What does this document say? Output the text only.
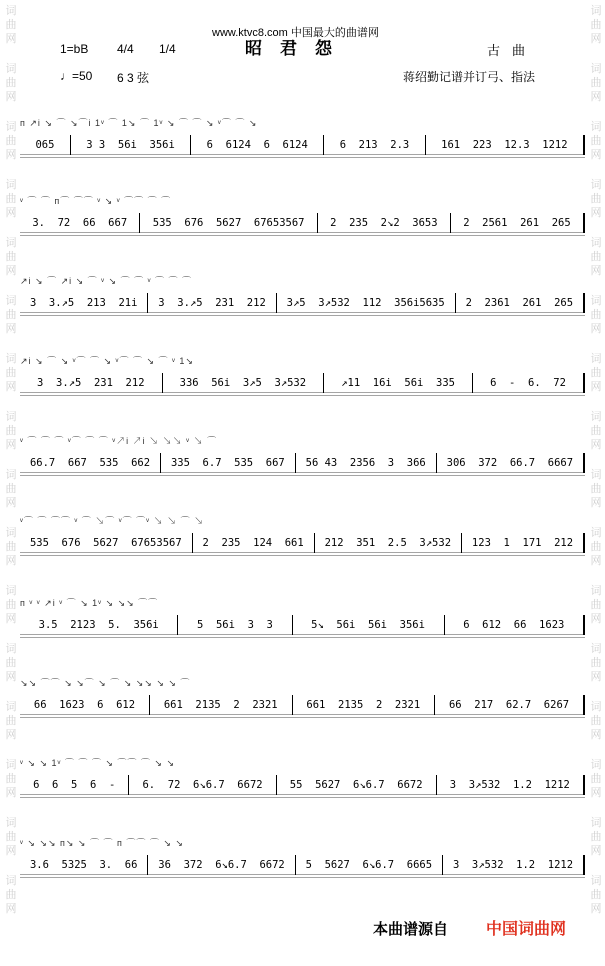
词
曲
网
词
曲
网
词
曲
网
词
曲
网
词
曲
网
词
曲
网
词
曲
网
词
曲
网
词
曲
网
词
曲
网
词
曲
网
词
曲
网
词
曲
网
词
曲
网
词
曲
网
词
曲
网
词
曲
网
词
曲
网
词
曲
网
词
曲
网
词
曲
网
词
曲
网
词
曲
网
词
曲
网
词
曲
网
词
曲
网
词
曲
网
词
曲
网
词
曲
网
词
曲
网
词
曲
网
词
曲
网
www.ktvc8.com 中国最大的曲谱网
昭君怨
1=bB 4/4 1/4	古曲
♩=50 6 3 弦	蒋绍勤记谱并订弓、指法
ᴨ ↗i ↘ ⌒ ↘⌒i 1ᵛ ⌒ 1↘ ⌒ 1ᵛ ↘ ⌒ ⌒ ↘ ᵛ⌒ ⌒ ↘
065	3 3  56i  356i	6  6124  6  6124	6  213  2.3	161  223  12.3  1212
ᵛ ⌒ ⌒ ᴨ⌒ ⌒⌒ ᵛ ↘ ᵛ ⌒⌒ ⌒ ⌒
3.  72  66  667	535  676  5627  67653567	2  235  2↘2  3653	2  2561  261  265
↗i ↘ ⌒ ↗i ↘ ⌒ ᵛ ↘ ⌒ ⌒ ᵛ ⌒ ⌒ ⌒
3  3.↗5  213  21i	3  3.↗5  231  212	3↗5  3↗532  112  356i5635	2  2361  261  265
↗i ↘ ⌒ ↘ ᵛ⌒ ⌒ ↘ ᵛ⌒ ⌒ ↘ ⌒ ᵛ 1↘
3  3.↗5  231  212	336  56i  3↗5  3↗532	↗11  16i  56i  335	6  -  6.  72
ᵛ ⌒ ⌒ ⌒ ᵛ⌒ ⌒ ⌒ ᵛ↗i ↗i ↘ ↘↘ ᵛ ↘ ⌒
66.7  667  535  662	335  6.7  535  667	56 43  2356  3  366	306  372  66.7  6667
ᵛ⌒ ⌒ ⌒⌒ ᵛ ⌒ ↘⌒ ᵛ⌒ ⌒ᵛ ↘ ↘ ⌒ ↘
535  676  5627  67653567	2  235  124  661	212  351  2.5  3↗532	123  1  171  212
ᴨ ᵛ ᵛ ↗i ᵛ ⌒ ↘ 1ᵛ ↘ ↘↘ ⌒⌒
3.5  2123  5.  356i	5  56i  3  3	5↘  56i  56i  356i	6  612  66  1623
↘↘ ⌒⌒ ↘ ↘⌒ ↘ ⌒ ↘ ↘↘ ↘ ↘ ⌒
66  1623  6  612	661  2135  2  2321	661  2135  2  2321	66  217  62.7  6267
ᵛ ↘ ↘ 1ᵛ ⌒ ⌒ ⌒ ↘ ⌒⌒ ⌒ ↘ ↘
6  6  5  6  -	6.  72  6↘6.7  6672	55  5627  6↘6.7  6672	3  3↗532  1.2  1212
ᵛ ↘ ↘↘ ᴨ↘ ↘ ⌒ ⌒ ᴨ ⌒⌒ ⌒ ↘ ↘
3.6  5325  3.  66	36  372  6↘6.7  6672	5  5627  6↘6.7  6665	3  3↗532  1.2  1212
本曲谱源自 中国词曲网
